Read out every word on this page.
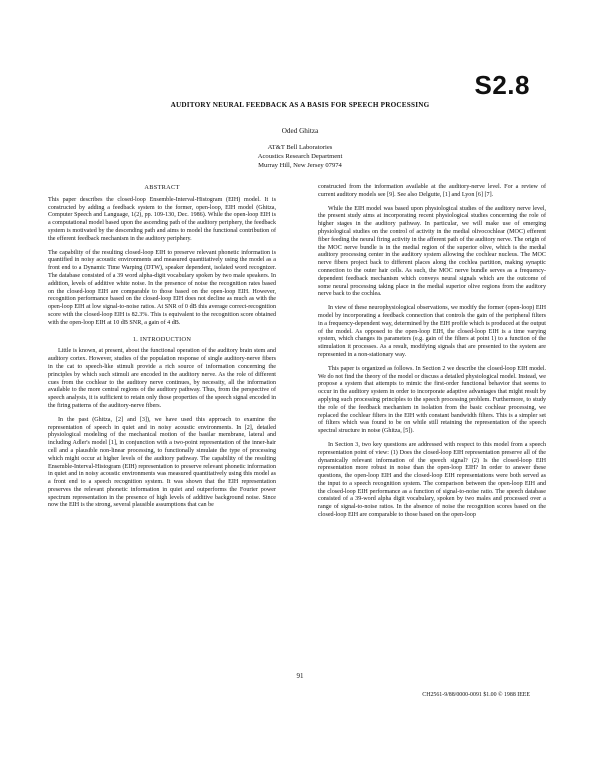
S2.8
AUDITORY NEURAL FEEDBACK AS A BASIS FOR SPEECH PROCESSING
Oded Ghitza
AT&T Bell Laboratories
Acoustics Research Department
Murray Hill, New Jersey 07974
ABSTRACT

This paper describes the closed-loop Ensemble-Interval-Histogram (EIH) model. It is constructed by adding a feedback system to the former, open-loop, EIH model (Ghitza, Computer Speech and Language, 1(2), pp. 109-130, Dec. 1986). While the open-loop EIH is a computational model based upon the ascending path of the auditory periphery, the feedback system is motivated by the descending path and aims to model the functional contribution of the efferent feedback mechanism in the auditory periphery.

The capability of the resulting closed-loop EIH to preserve relevant phonetic information is quantified in noisy acoustic environments and measured quantitatively using the model as a front end to a Dynamic Time Warping (DTW), speaker dependent, isolated word recognizer. The database consisted of a 39 word alpha-digit vocabulary spoken by two male speakers. In addition, levels of additive white noise. In the presence of noise the recognition rates based on the closed-loop EIH are comparable to those based on the open-loop EIH. However, recognition performance based on the closed-loop EIH does not decline as much as with the open-loop EIH at low signal-to-noise ratios. At SNR of 0 dB this average correct-recognition score with the closed-loop EIH is 82.3%. This is equivalent to the recognition score obtained with the open-loop EIH at 10 dB SNR, a gain of 4 dB.

1. INTRODUCTION

Little is known, at present, about the functional operation of the auditory brain stem and auditory cortex. However, studies of the population response of single auditory-nerve fibers in the cat to speech-like stimuli provide a rich source of information concerning the principles by which such stimuli are encoded in the auditory nerve. As the role of different cues from the cochlear to the auditory nerve continues, by necessity, all the information available to the more central regions of the auditory pathway. Thus, from the perspective of speech analysis, it is sufficient to retain only those properties of the speech signal encoded in the firing patterns of the auditory-nerve fibers.

In the past (Ghitza, [2] and [3]), we have used this approach to examine the representation of speech in quiet and in noisy acoustic environments. In [2], detailed physiological modeling of the mechanical motion of the basilar membrane, lateral and including Adler's model [1], in conjunction with a two-point representation of the inner-hair cell and a plausible non-linear processing, to functionally simulate the type of processing which might occur at higher levels of the auditory pathway. The capability of the resulting Ensemble-Interval-Histogram (EIH) representation to preserve relevant phonetic information in quiet and in noisy acoustic environments was measured quantitatively using this model as a front end to a speech recognition system. It was shown that the EIH representation preserves the relevant phonetic information in quiet and outperforms the Fourier power spectrum representation in the presence of high levels of additive background noise. Since now the EIH is the strong, several plausible assumptions that can be

constructed from the information available at the auditory-nerve level. For a review of current auditory models see [9]. See also Delgutte, [1] and Lyon [6] [7].

While the EIH model was based upon physiological studies of the auditory nerve level, the present study aims at incorporating recent physiological studies concerning the role of higher stages in the auditory pathway. In particular, we will make use of emerging physiological studies on the control of activity in the medial olivocochlear (MOC) efferent fiber feeding the neural firing activity in the afferent path of the auditory nerve. The origin of the MOC nerve bundle is in the medial region of the superior olive, which is the medial auditory processing center in the auditory system allowing the cochlear nucleus. The MOC nerve fibers project back to different places along the cochlea partition, making synaptic connection to the outer hair cells. As such, the MOC nerve bundle serves as a frequency-dependent feedback mechanism which conveys neural signals which are the outcome of some neural processing taking place in the medial superior olive regions from the auditory nerve back to the cochlea.

In view of these neurophysiological observations, we modify the former (open-loop) EIH model by incorporating a feedback connection that controls the gain of the peripheral filters in a frequency-dependent way, determined by the EIH profile which is produced at the output of the model. As opposed to the open-loop EIH, the closed-loop EIH is a time varying system, which changes its parameters (e.g. gain of the filters at point 1) to a function of the stimulation it processes. As a result, modifying signals that are presented to the system are represented in a non-stationary way.

This paper is organized as follows. In Section 2 we describe the closed-loop EIH model. We do not find the theory of the model or discuss a detailed physiological model. Instead, we propose a system that attempts to mimic the first-order functional behavior that seems to occur in the auditory system in order to incorporate adaptive advantages that might result by applying such processing principles to the speech processing problem. Furthermore, to study the role of the feedback mechanism in isolation from the basic cochlear processing, we replaced the cochlear filters in the EIH with constant bandwidth filters. This is a simpler set of filters which was found to be on while still retaining the representation of the speech spectral structure in noise (Ghitza, [5]).

In Section 3, two key questions are addressed with respect to this model from a speech representation point of view: (1) Does the closed-loop EIH representation preserve all of the dynamically relevant information of the speech signal? (2) Is the closed-loop EIH representation more robust in noise than the open-loop EIH? In order to answer these questions, the open-loop EIH and the closed-loop EIH representations were both served as the input to a speech recognition system. The comparison between the open-loop EIH and the closed-loop EIH performance as a function of signal-to-noise ratio. The speech database consisted of a 39-word alpha digit vocabulary, spoken by two males and processed over a range of signal-to-noise ratios. In the absence of noise the recognition scores based on the closed-loop EIH are comparable to those based on the open-loop

91
CH2561-9/88/0000-0091 $1.00 © 1988 IEEE
